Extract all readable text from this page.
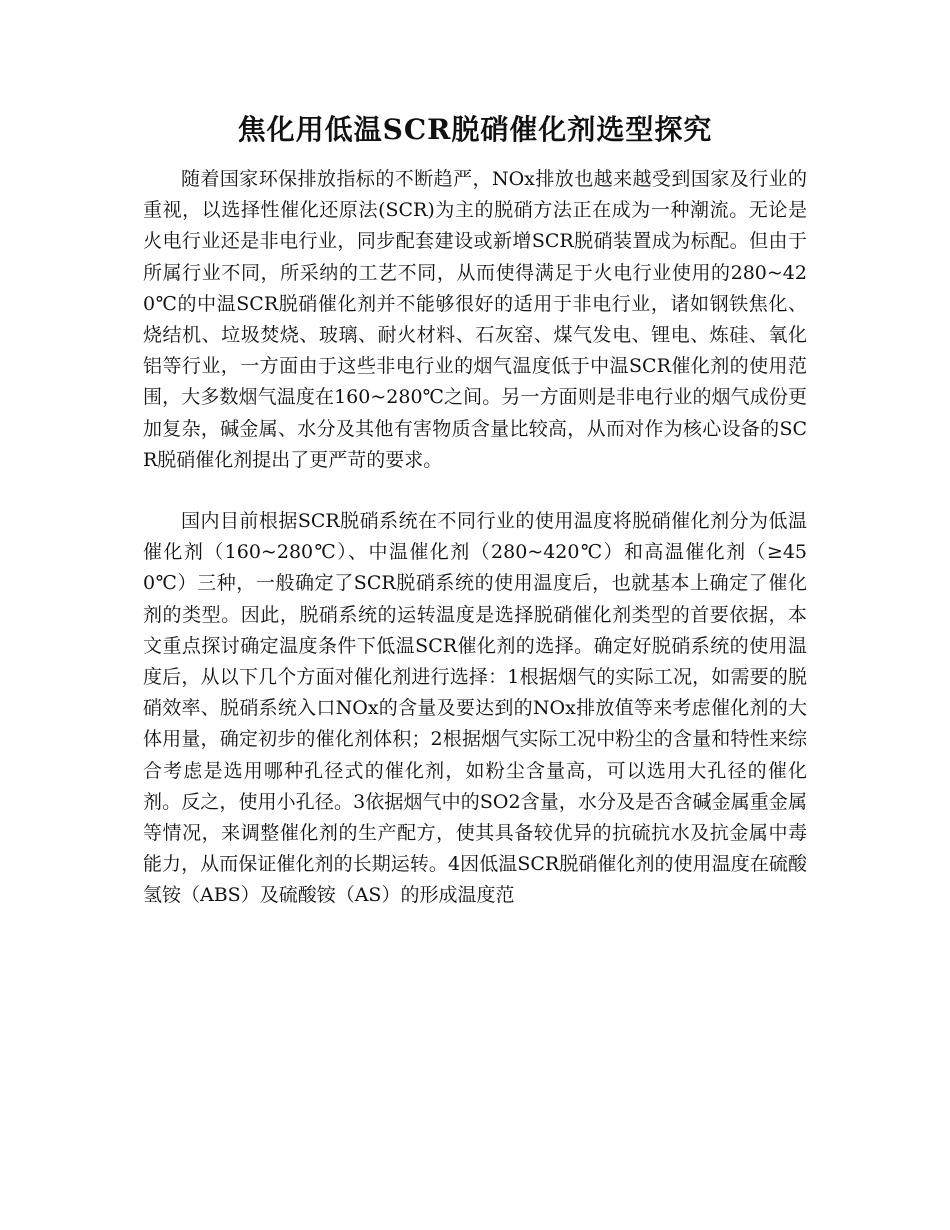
焦化用低温SCR脱硝催化剂选型探究

随着国家环保排放指标的不断趋严，NOx排放也越来越受到国家及行业的重视，以选择性催化还原法(SCR)为主的脱硝方法正在成为一种潮流。无论是火电行业还是非电行业，同步配套建设或新增SCR脱硝装置成为标配。但由于所属行业不同，所采纳的工艺不同，从而使得满足于火电行业使用的280~420℃的中温SCR脱硝催化剂并不能够很好的适用于非电行业，诸如钢铁焦化、烧结机、垃圾焚烧、玻璃、耐火材料、石灰窑、煤气发电、锂电、炼硅、氧化铝等行业，一方面由于这些非电行业的烟气温度低于中温SCR催化剂的使用范围，大多数烟气温度在160~280℃之间。另一方面则是非电行业的烟气成份更加复杂，碱金属、水分及其他有害物质含量比较高，从而对作为核心设备的SCR脱硝催化剂提出了更严苛的要求。

国内目前根据SCR脱硝系统在不同行业的使用温度将脱硝催化剂分为低温催化剂（160~280℃）、中温催化剂（280~420℃）和高温催化剂（≥450℃）三种，一般确定了SCR脱硝系统的使用温度后，也就基本上确定了催化剂的类型。因此，脱硝系统的运转温度是选择脱硝催化剂类型的首要依据，本文重点探讨确定温度条件下低温SCR催化剂的选择。确定好脱硝系统的使用温度后，从以下几个方面对催化剂进行选择：1根据烟气的实际工况，如需要的脱硝效率、脱硝系统入口NOx的含量及要达到的NOx排放值等来考虑催化剂的大体用量，确定初步的催化剂体积；2根据烟气实际工况中粉尘的含量和特性来综合考虑是选用哪种孔径式的催化剂，如粉尘含量高，可以选用大孔径的催化剂。反之，使用小孔径。3依据烟气中的SO2含量，水分及是否含碱金属重金属等情况，来调整催化剂的生产配方，使其具备较优异的抗硫抗水及抗金属中毒能力，从而保证催化剂的长期运转。4因低温SCR脱硝催化剂的使用温度在硫酸氢铵（ABS）及硫酸铵（AS）的形成温度范
